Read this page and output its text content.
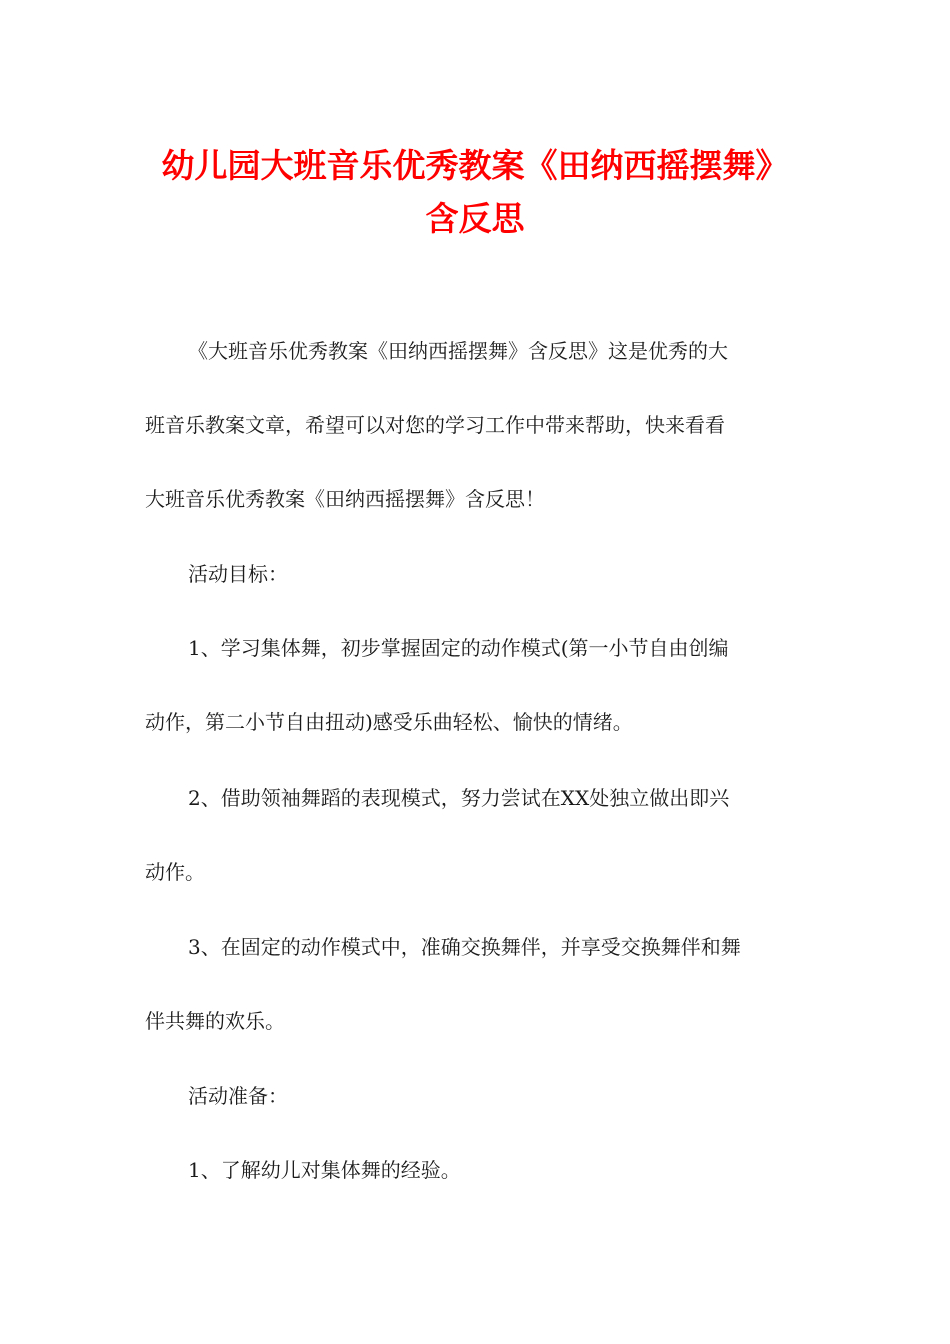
幼儿园大班音乐优秀教案《田纳西摇摆舞》
含反思

《大班音乐优秀教案《田纳西摇摆舞》含反思》这是优秀的大

班音乐教案文章，希望可以对您的学习工作中带来帮助，快来看看

大班音乐优秀教案《田纳西摇摆舞》含反思！

活动目标：

1、学习集体舞，初步掌握固定的动作模式(第一小节自由创编

动作，第二小节自由扭动)感受乐曲轻松、愉快的情绪。

2、借助领袖舞蹈的表现模式，努力尝试在XX处独立做出即兴

动作。

3、在固定的动作模式中，准确交换舞伴，并享受交换舞伴和舞

伴共舞的欢乐。

活动准备：

1、了解幼儿对集体舞的经验。
